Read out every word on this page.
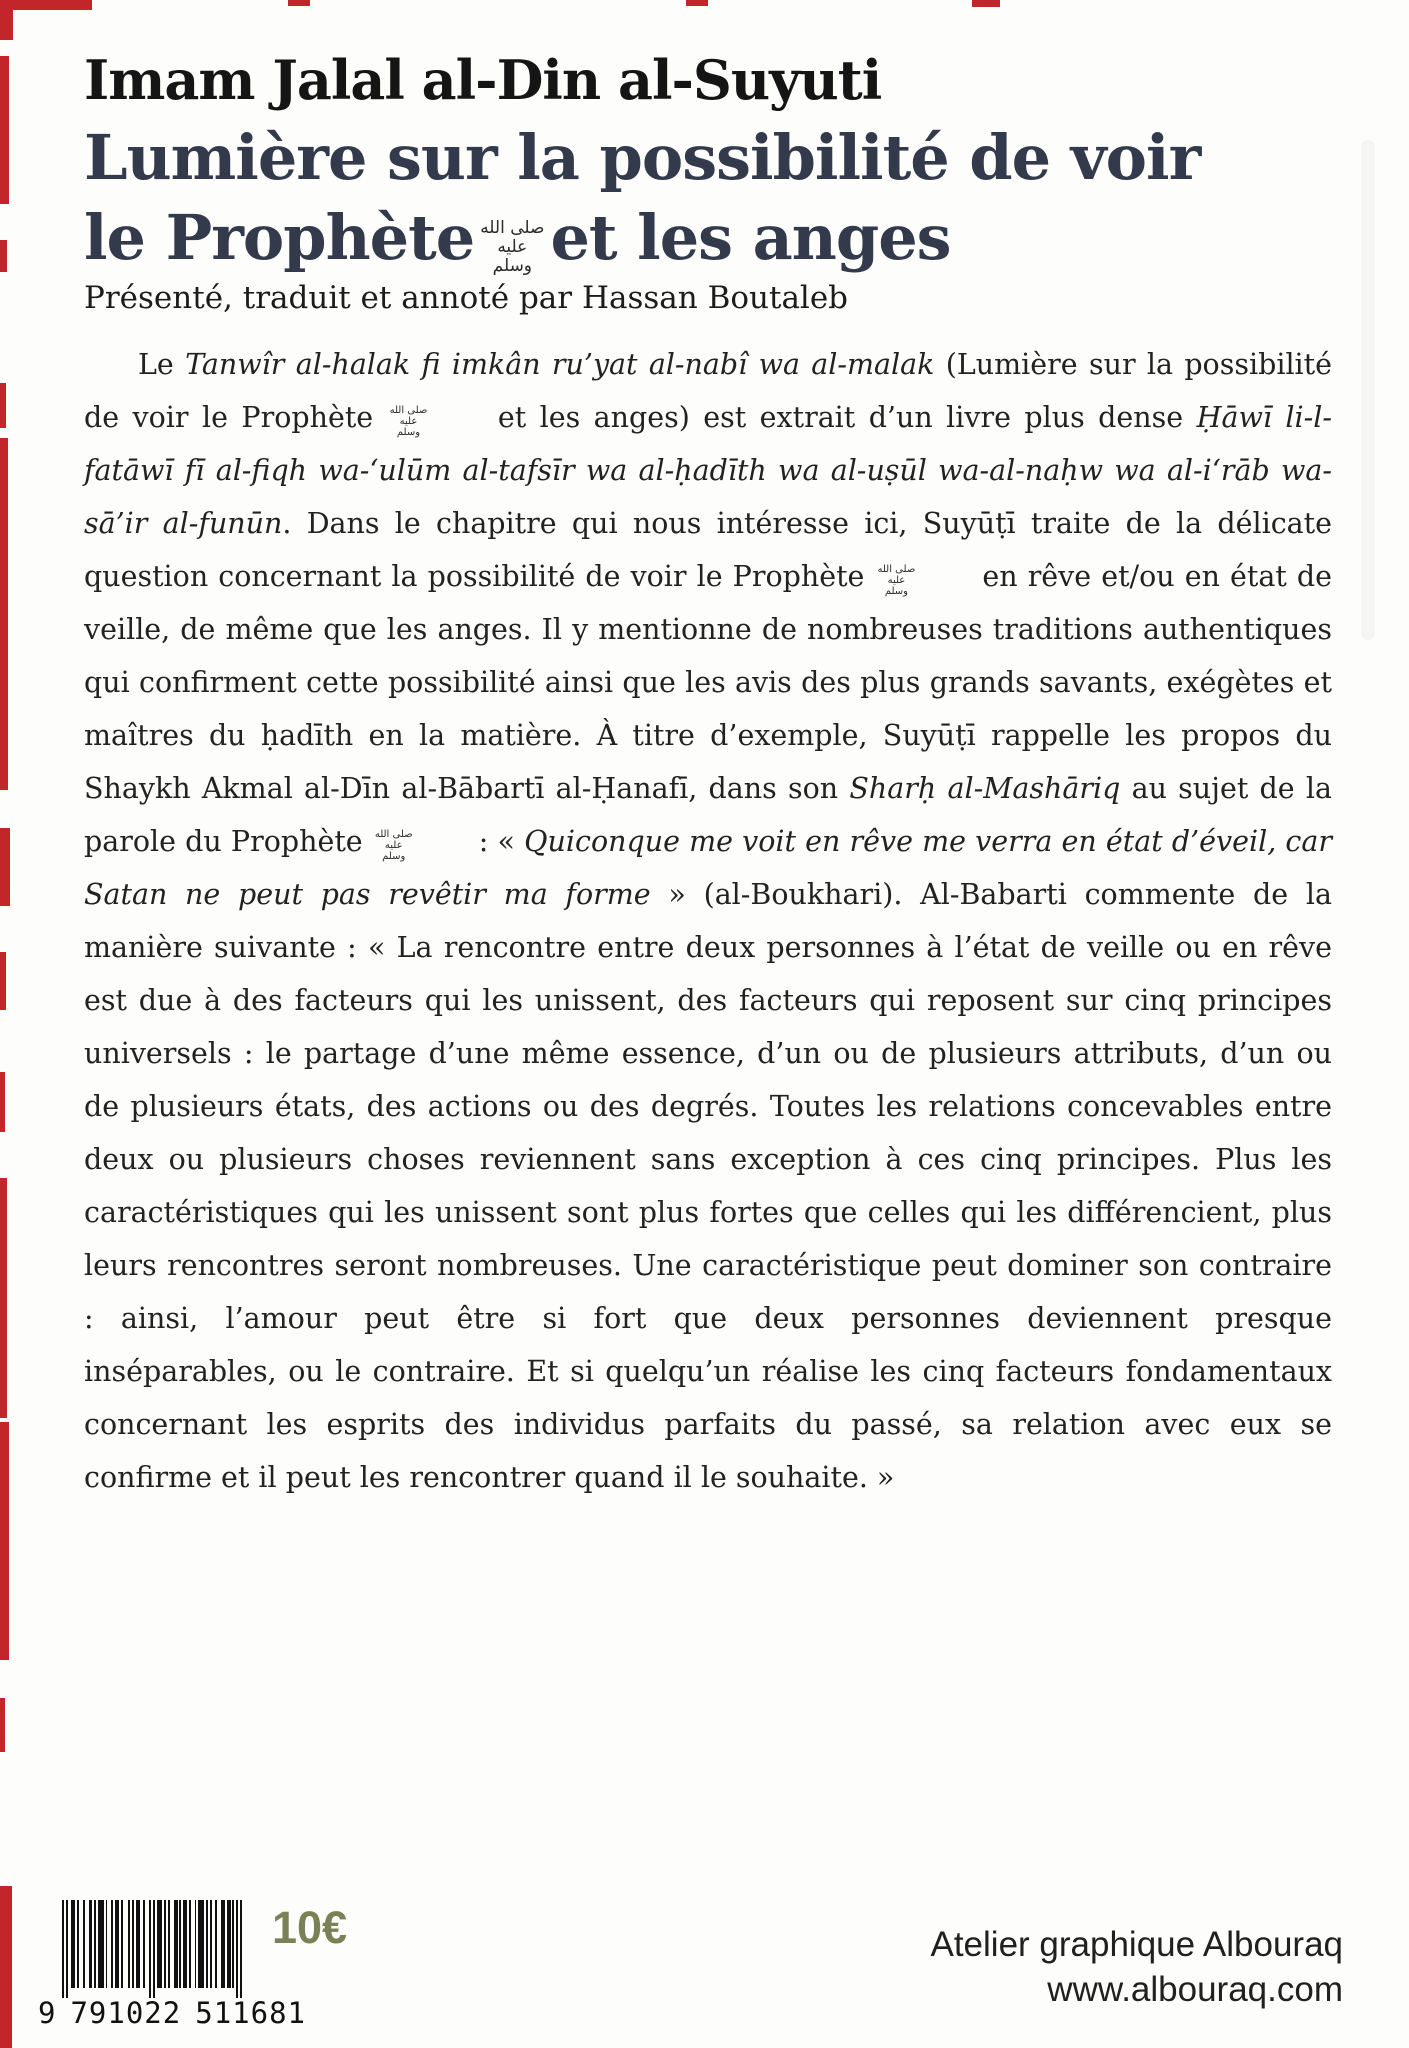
Imam Jalal al-Din al-Suyuti
Lumière sur la possibilité de voir
le Prophète صلى الله
عليه
وسلم et les anges
Présenté, traduit et annoté par Hassan Boutaleb

Le Tanwîr al-halak fi imkân ru’yat al-nabî wa al-malak (Lumière sur la possibilité de voir le Prophète صلى الله
عليه
وسلم	et les anges) est extrait d’un livre plus dense Ḥāwī li-l-fatāwī fī al-fiqh wa-‘ulūm al-tafsīr wa al-ḥadīth wa al-uṣūl wa-al-naḥw wa al-i‘rāb wa-sā’ir al-funūn. Dans le chapitre qui nous intéresse ici, Suyūṭī traite de la délicate question concernant la possibilité de voir le Prophète صلى الله
عليه
وسلم	en rêve et/ou en état de veille, de même que les anges. Il y mentionne de nombreuses traditions authentiques qui confirment cette possibilité ainsi que les avis des plus grands savants, exégètes et maîtres du ḥadīth en la matière. À titre d’exemple, Suyūṭī rappelle les propos du Shaykh Akmal al-Dīn al-Bābartī al-Ḥanafī, dans son Sharḥ al-Mashāriq au sujet de la parole du Prophète صلى الله
عليه
وسلم	: « Quiconque me voit en rêve me verra en état d’éveil, car Satan ne peut pas revêtir ma forme » (al-Boukhari). Al-Babarti commente de la manière suivante : « La rencontre entre deux personnes à l’état de veille ou en rêve est due à des facteurs qui les unissent, des facteurs qui reposent sur cinq principes universels : le partage d’une même essence, d’un ou de plusieurs attributs, d’un ou de plusieurs états, des actions ou des degrés. Toutes les relations concevables entre deux ou plusieurs choses reviennent sans exception à ces cinq principes. Plus les caractéristiques qui les unissent sont plus fortes que celles qui les différencient, plus leurs rencontres seront nombreuses. Une caractéristique peut dominer son contraire : ainsi, l’amour peut être si fort que deux personnes deviennent presque inséparables, ou le contraire. Et si quelqu’un réalise les cinq facteurs fondamentaux concernant les esprits des individus parfaits du passé, sa relation avec eux se confirme et il peut les rencontrer quand il le souhaite. »

9 791022 511681
10€	Atelier graphique Albouraq
www.albouraq.com
